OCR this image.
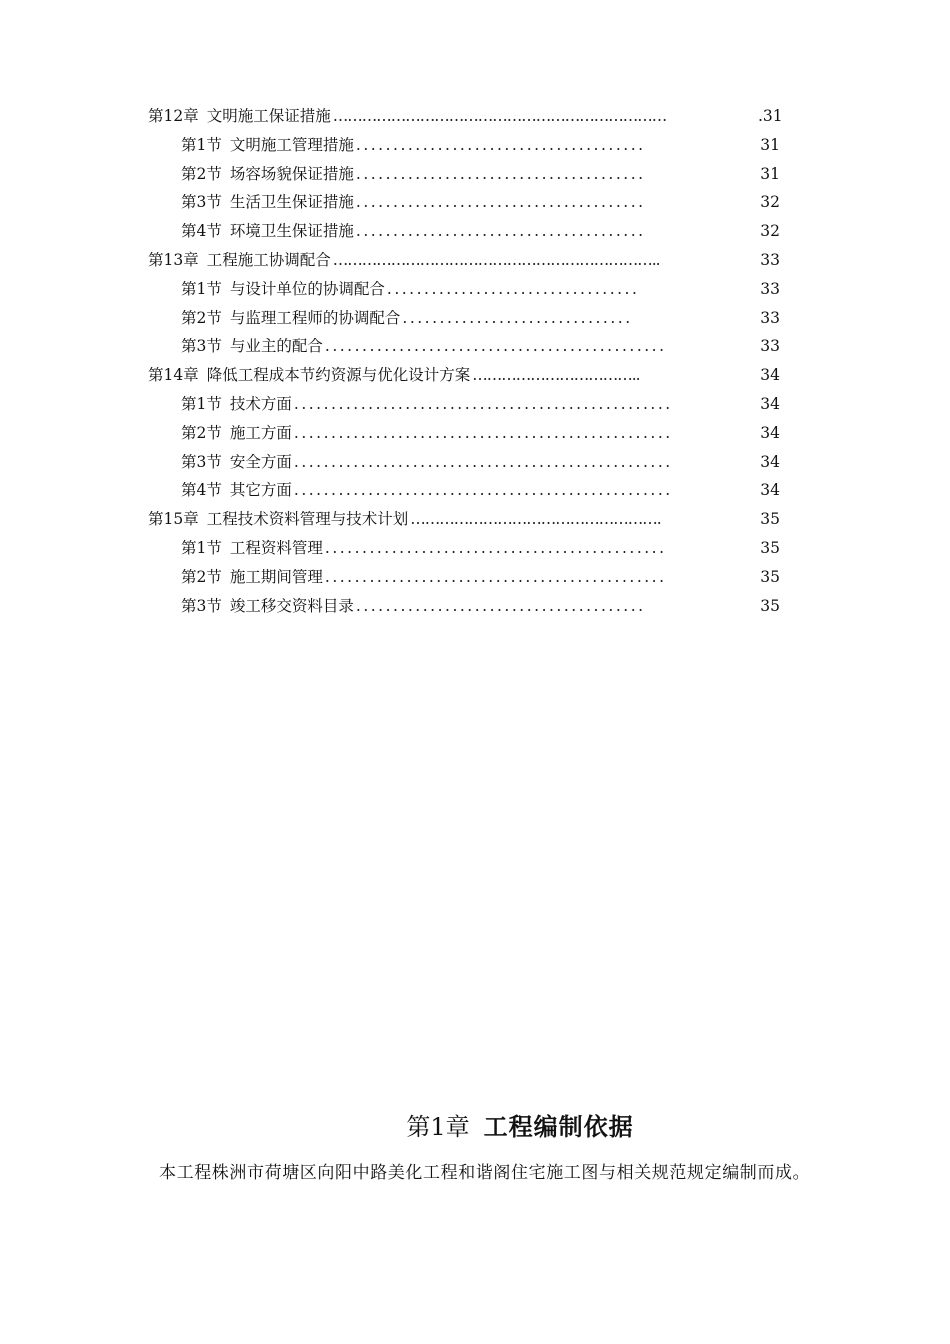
第12章 文明施工保证措施 ……………………………………………………………	.31
第1节 文明施工管理措施 .......................................	31
第2节 场容场貌保证措施 .......................................	31
第3节 生活卫生保证措施 .......................................	32
第4节 环境卫生保证措施 .......................................	32
第13章 工程施工协调配合 …………………………………………………………..	33
第1节 与设计单位的协调配合 ..................................	33
第2节 与监理工程师的协调配合 ...............................	33
第3节 与业主的配合 ..............................................	33
第14章 降低工程成本节约资源与优化设计方案 ……………………………..	34
第1节 技术方面 ...................................................	34
第2节 施工方面 ...................................................	34
第3节 安全方面 ...................................................	34
第4节 其它方面 ...................................................	34
第15章 工程技术资料管理与技术计划 …………………………………………….	35
第1节 工程资料管理 ..............................................	35
第2节 施工期间管理 ..............................................	35
第3节 竣工移交资料目录 .......................................	35
第1章 工程编制依据

本工程株洲市荷塘区向阳中路美化工程和谐阁住宅施工图与相关规范规定编制而成。
